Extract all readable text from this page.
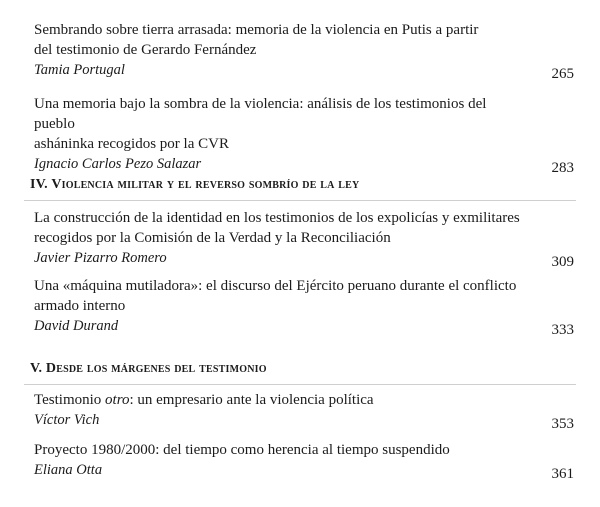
Sembrando sobre tierra arrasada: memoria de la violencia en Putis a partir
del testimonio de Gerardo Fernández
Tamia Portugal	265
Una memoria bajo la sombra de la violencia: análisis de los testimonios del pueblo
asháninka recogidos por la CVR
Ignacio Carlos Pezo Salazar	283
IV. Violencia militar y el reverso sombrío de la ley
La construcción de la identidad en los testimonios de los expolicías y exmilitares
recogidos por la Comisión de la Verdad y la Reconciliación
Javier Pizarro Romero	309
Una «máquina mutiladora»: el discurso del Ejército peruano durante el conflicto
armado interno
David Durand	333
V. Desde los márgenes del testimonio
Testimonio otro: un empresario ante la violencia política
Víctor Vich	353
Proyecto 1980/2000: del tiempo como herencia al tiempo suspendido
Eliana Otta	361
